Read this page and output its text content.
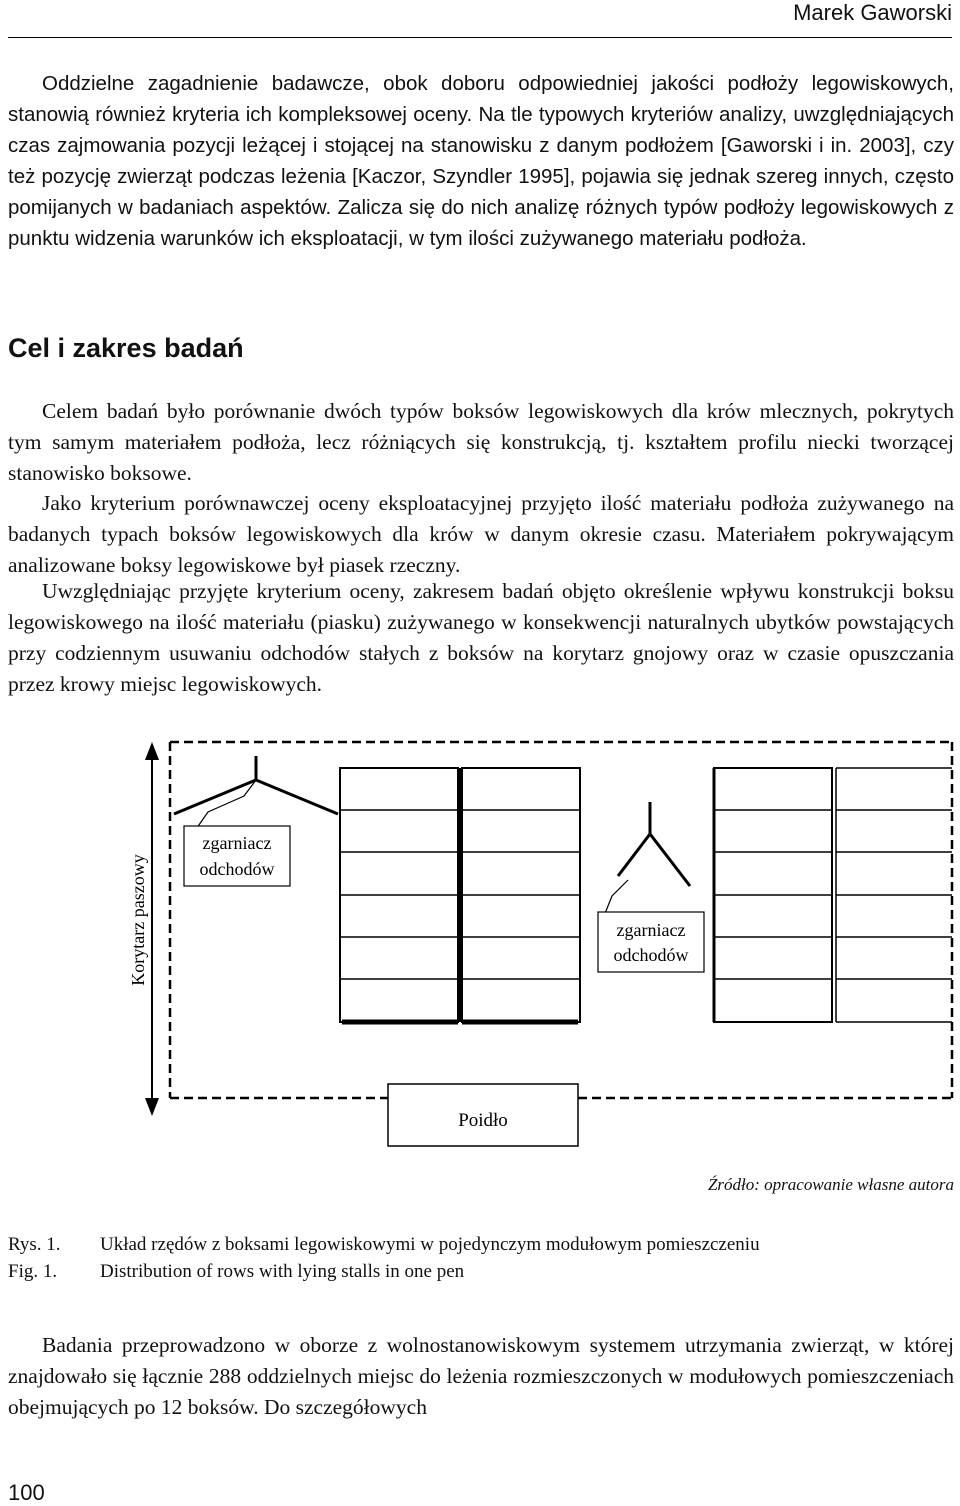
Marek Gaworski

Oddzielne zagadnienie badawcze, obok doboru odpowiedniej jakości podłoży legowiskowych, stanowią również kryteria ich kompleksowej oceny. Na tle typowych kryteriów analizy, uwzględniających czas zajmowania pozycji leżącej i stojącej na stanowisku z danym podłożem [Gaworski i in. 2003], czy też pozycję zwierząt podczas leżenia [Kaczor, Szyndler 1995], pojawia się jednak szereg innych, często pomijanych w badaniach aspektów. Zalicza się do nich analizę różnych typów podłoży legowiskowych z punktu widzenia warunków ich eksploatacji, w tym ilości zużywanego materiału podłoża.

Cel i zakres badań

Celem badań było porównanie dwóch typów boksów legowiskowych dla krów mlecznych, pokrytych tym samym materiałem podłoża, lecz różniących się konstrukcją, tj. kształtem profilu niecki tworzącej stanowisko boksowe.

Jako kryterium porównawczej oceny eksploatacyjnej przyjęto ilość materiału podłoża zużywanego na badanych typach boksów legowiskowych dla krów w danym okresie czasu. Materiałem pokrywającym analizowane boksy legowiskowe był piasek rzeczny.

Uwzględniając przyjęte kryterium oceny, zakresem badań objęto określenie wpływu konstrukcji boksu legowiskowego na ilość materiału (piasku) zużywanego w konsekwencji naturalnych ubytków powstających przy codziennym usuwaniu odchodów stałych z boksów na korytarz gnojowy oraz w czasie opuszczania przez krowy miejsc legowiskowych.

Korytarz paszowy
zgarniacz
odchodów
zgarniacz
odchodów
Poidło
Źródło: opracowanie własne autora
Rys. 1. Układ rzędów z boksami legowiskowymi w pojedynczym modułowym pomieszczeniu
Fig. 1. Distribution of rows with lying stalls in one pen

Badania przeprowadzono w oborze z wolnostanowiskowym systemem utrzymania zwierząt, w której znajdowało się łącznie 288 oddzielnych miejsc do leżenia rozmieszczonych w modułowych pomieszczeniach obejmujących po 12 boksów. Do szczegółowych

100
